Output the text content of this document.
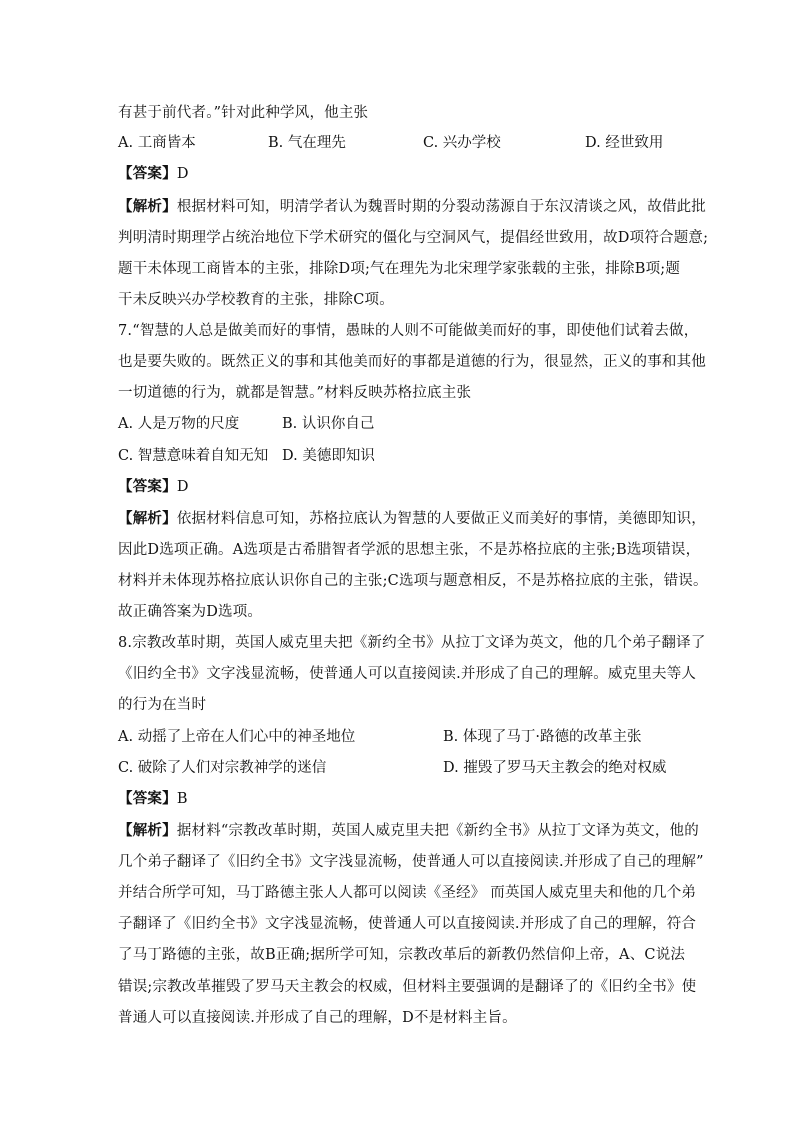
有甚于前代者。”针对此种学风，他主张
A. 工商皆本	B. 气在理先	C. 兴办学校	D. 经世致用
【答案】D
【解析】根据材料可知，明清学者认为魏晋时期的分裂动荡源自于东汉清谈之风，故借此批
判明清时期理学占统治地位下学术研究的僵化与空洞风气，提倡经世致用，故D项符合题意;
题干未体现工商皆本的主张，排除D项;气在理先为北宋理学家张载的主张，排除B项;题
干未反映兴办学校教育的主张，排除C项。
7.“智慧的人总是做美而好的事情，愚昧的人则不可能做美而好的事，即使他们试着去做，
也是要失败的。既然正义的事和其他美而好的事都是道德的行为，很显然，正义的事和其他
一切道德的行为，就都是智慧。”材料反映苏格拉底主张
A. 人是万物的尺度	B. 认识你自己
C. 智慧意味着自知无知 D. 美德即知识
【答案】D
【解析】依据材料信息可知，苏格拉底认为智慧的人要做正义而美好的事情，美德即知识，
因此D选项正确。A选项是古希腊智者学派的思想主张，不是苏格拉底的主张;B选项错误，
材料并未体现苏格拉底认识你自己的主张;C选项与题意相反，不是苏格拉底的主张，错误。
故正确答案为D选项。
8.宗教改革时期，英国人威克里夫把《新约全书》从拉丁文译为英文，他的几个弟子翻译了
《旧约全书》文字浅显流畅，使普通人可以直接阅读.并形成了自己的理解。威克里夫等人
的行为在当时
A. 动摇了上帝在人们心中的神圣地位	B. 体现了马丁·路德的改革主张
C. 破除了人们对宗教神学的迷信	D. 摧毁了罗马天主教会的绝对权威
【答案】B
【解析】据材料“宗教改革时期，英国人威克里夫把《新约全书》从拉丁文译为英文，他的
几个弟子翻译了《旧约全书》文字浅显流畅，使普通人可以直接阅读.并形成了自己的理解”
并结合所学可知，马丁路德主张人人都可以阅读《圣经》 而英国人威克里夫和他的几个弟
子翻译了《旧约全书》文字浅显流畅，使普通人可以直接阅读.并形成了自己的理解，符合
了马丁路德的主张，故B正确;据所学可知，宗教改革后的新教仍然信仰上帝，A、C说法
错误;宗教改革摧毁了罗马天主教会的权威，但材料主要强调的是翻译了的《旧约全书》使
普通人可以直接阅读.并形成了自己的理解，D不是材料主旨。
